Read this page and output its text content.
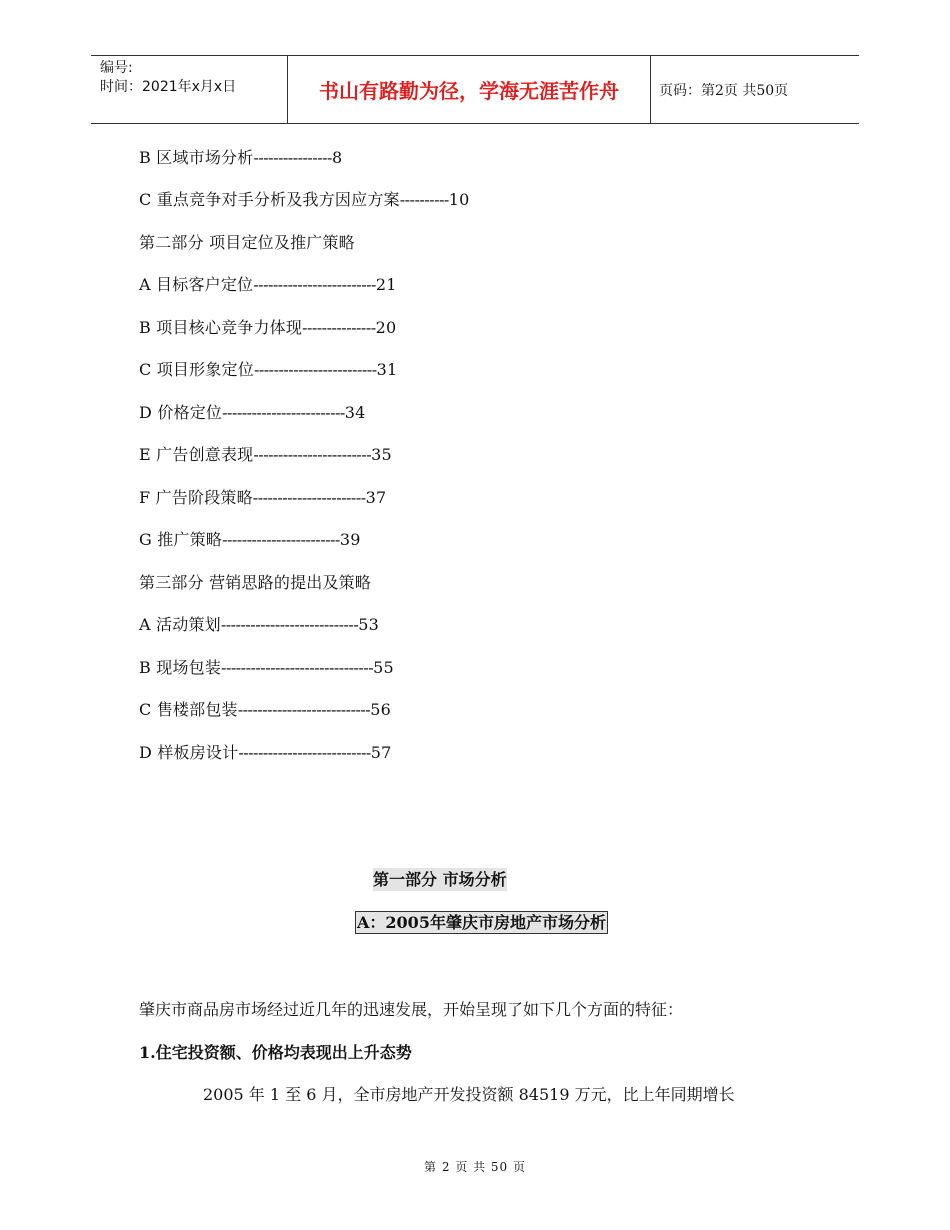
编号:
时间：2021年x月x日	书山有路勤为径，学海无涯苦作舟	页码：第2页 共50页
B 区域市场分析----------------8
C 重点竞争对手分析及我方因应方案----------10
第二部分 项目定位及推广策略
A 目标客户定位-------------------------21
B 项目核心竞争力体现---------------20
C 项目形象定位-------------------------31
D 价格定位-------------------------34
E 广告创意表现------------------------35
F 广告阶段策略-----------------------37
G 推广策略------------------------39
第三部分 营销思路的提出及策略
A 活动策划----------------------------53
B 现场包装-------------------------------55
C 售楼部包装---------------------------56
D 样板房设计---------------------------57
第一部分 市场分析
A：2005年肇庆市房地产市场分析
肇庆市商品房市场经过近几年的迅速发展，开始呈现了如下几个方面的特征：
1.住宅投资额、价格均表现出上升态势
2005 年 1 至 6 月，全市房地产开发投资额 84519 万元，比上年同期增长
第 2 页 共 50 页
